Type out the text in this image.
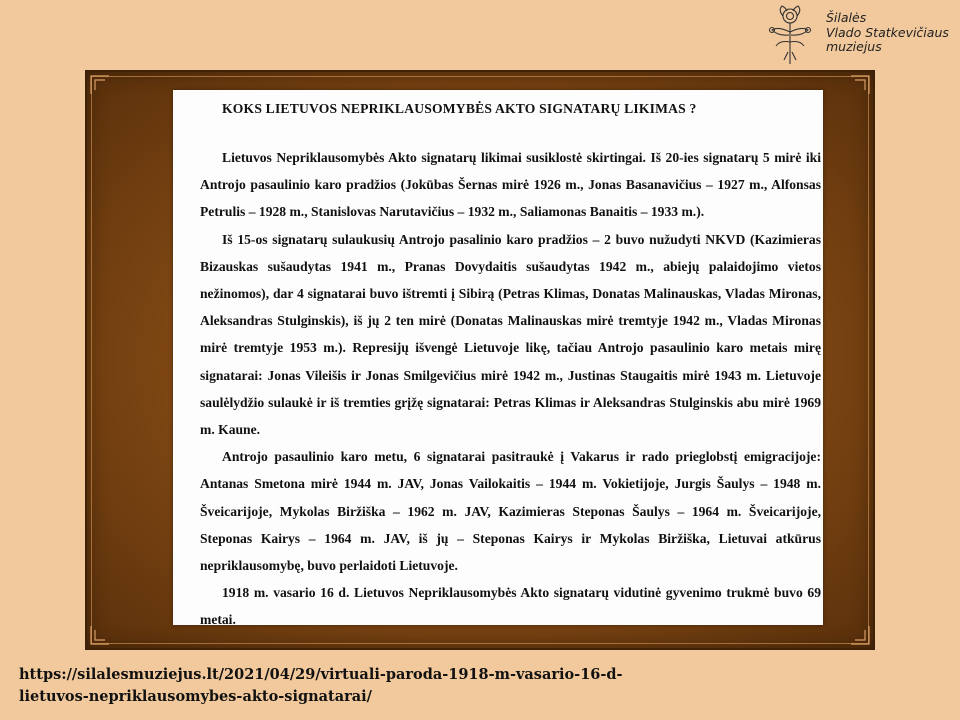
Šilalės
Vlado Statkevičiaus
muziejus
KOKS LIETUVOS NEPRIKLAUSOMYBĖS AKTO SIGNATARŲ LIKIMAS ?

Lietuvos Nepriklausomybės Akto signatarų likimai susiklostė skirtingai. Iš 20-ies signatarų 5 mirė iki Antrojo pasaulinio karo pradžios (Jokūbas Šernas mirė 1926 m., Jonas Basanavičius – 1927 m., Alfonsas Petrulis – 1928 m., Stanislovas Narutavičius – 1932 m., Saliamonas Banaitis – 1933 m.).

Iš 15-os signatarų sulaukusių Antrojo pasalinio karo pradžios – 2 buvo nužudyti NKVD (Kazimieras Bizauskas sušaudytas 1941 m., Pranas Dovydaitis sušaudytas 1942 m., abiejų palaidojimo vietos nežinomos), dar 4 signatarai buvo ištremti į Sibirą (Petras Klimas, Donatas Malinauskas, Vladas Mironas, Aleksandras Stulginskis), iš jų 2 ten mirė (Donatas Malinauskas mirė tremtyje 1942 m., Vladas Mironas mirė tremtyje 1953 m.). Represijų išvengė Lietuvoje likę, tačiau Antrojo pasaulinio karo metais mirę signatarai: Jonas Vileišis ir Jonas Smilgevičius mirė 1942 m., Justinas Staugaitis mirė 1943 m. Lietuvoje saulėlydžio sulaukė ir iš tremties grįžę signatarai: Petras Klimas ir Aleksandras Stulginskis abu mirė 1969 m. Kaune.

Antrojo pasaulinio karo metu, 6 signatarai pasitraukė į Vakarus ir rado prieglobstį emigracijoje: Antanas Smetona mirė 1944 m. JAV, Jonas Vailokaitis – 1944 m. Vokietijoje, Jurgis Šaulys – 1948 m. Šveicarijoje, Mykolas Biržiška – 1962 m. JAV, Kazimieras Steponas Šaulys – 1964 m. Šveicarijoje, Steponas Kairys – 1964 m. JAV, iš jų – Steponas Kairys ir Mykolas Biržiška, Lietuvai atkūrus nepriklausomybę, buvo perlaidoti Lietuvoje.

1918 m. vasario 16 d. Lietuvos Nepriklausomybės Akto signatarų vidutinė gyvenimo trukmė buvo 69 metai.

https://silalesmuziejus.lt/2021/04/29/virtuali-paroda-1918-m-vasario-16-d-
lietuvos-nepriklausomybes-akto-signatarai/
